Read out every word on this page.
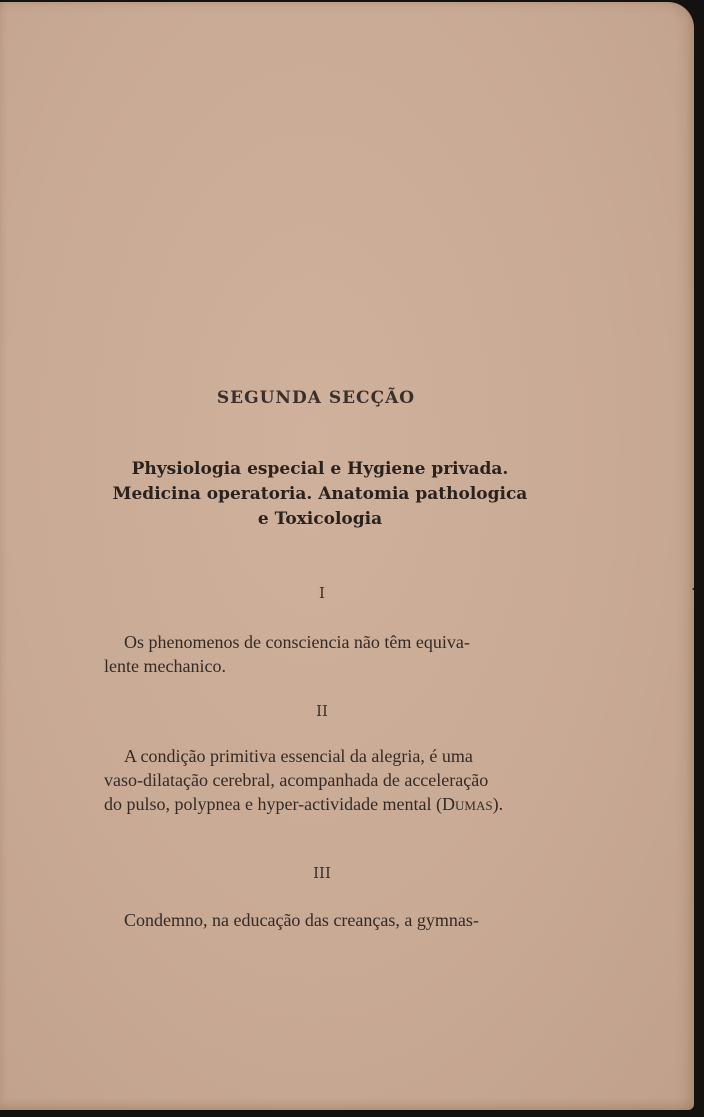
SEGUNDA SECÇÃO
Physiologia especial e Hygiene privada.
Medicina operatoria. Anatomia pathologica
e Toxicologia
I
Os phenomenos de consciencia não têm equiva-
lente mechanico.
II
A condição primitiva essencial da alegria, é uma
vaso-dilatação cerebral, acompanhada de acceleração
do pulso, polypnea e hyper-actividade mental (Dumas).
III
Condemno, na educação das creanças, a gymnas-
